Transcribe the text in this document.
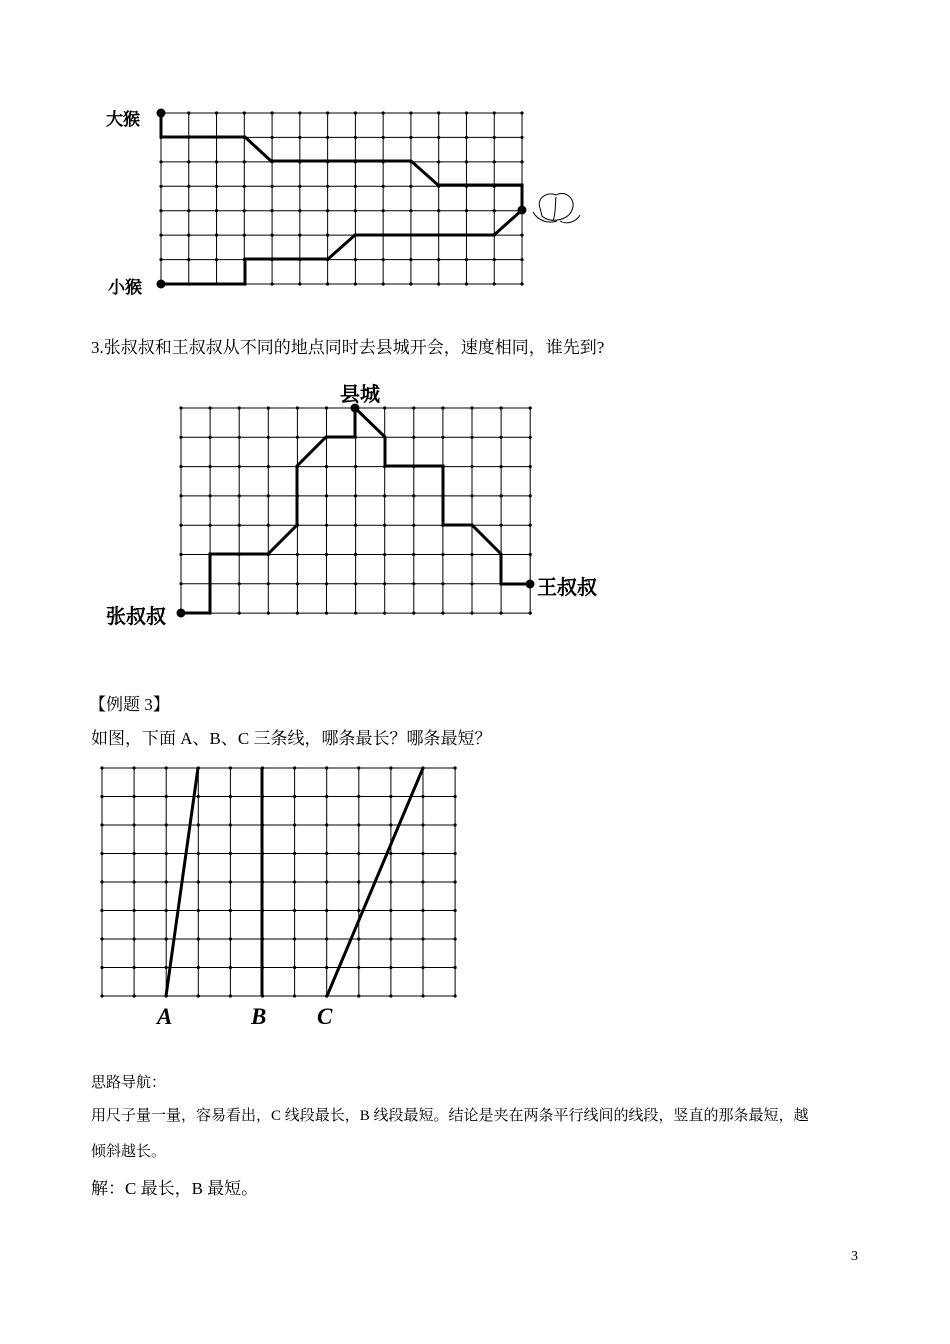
大猴
小猴
3.张叔叔和王叔叔从不同的地点同时去县城开会，速度相同，谁先到?
县城
张叔叔
王叔叔
【例题 3】
如图，下面 A、B、C 三条线，哪条最长？哪条最短？
A	B C
思路导航：
用尺子量一量，容易看出，C 线段最长，B 线段最短。结论是夹在两条平行线间的线段，竖直的那条最短，越
倾斜越长。
解：C 最长，B 最短。
3
